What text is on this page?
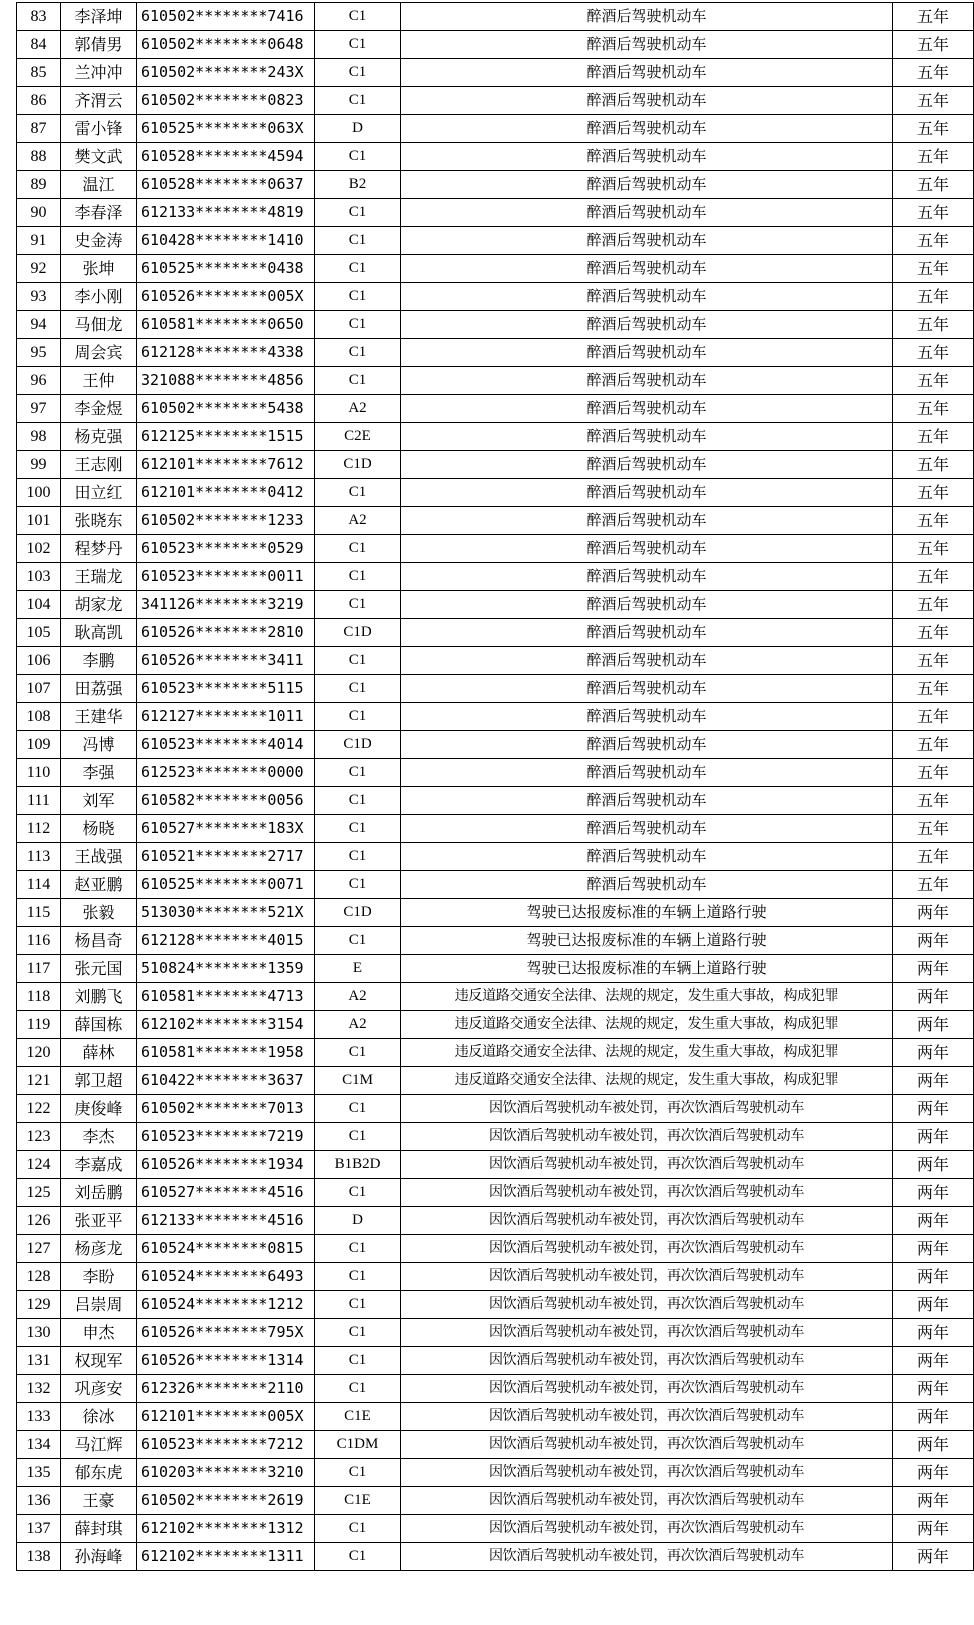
83	李泽坤	610502********7416	C1	醉酒后驾驶机动车	五年
84	郭倩男	610502********0648	C1	醉酒后驾驶机动车	五年
85	兰冲冲	610502********243X	C1	醉酒后驾驶机动车	五年
86	齐渭云	610502********0823	C1	醉酒后驾驶机动车	五年
87	雷小锋	610525********063X	D	醉酒后驾驶机动车	五年
88	樊文武	610528********4594	C1	醉酒后驾驶机动车	五年
89	温江	610528********0637	B2	醉酒后驾驶机动车	五年
90	李春泽	612133********4819	C1	醉酒后驾驶机动车	五年
91	史金涛	610428********1410	C1	醉酒后驾驶机动车	五年
92	张坤	610525********0438	C1	醉酒后驾驶机动车	五年
93	李小刚	610526********005X	C1	醉酒后驾驶机动车	五年
94	马佃龙	610581********0650	C1	醉酒后驾驶机动车	五年
95	周会宾	612128********4338	C1	醉酒后驾驶机动车	五年
96	王仲	321088********4856	C1	醉酒后驾驶机动车	五年
97	李金煜	610502********5438	A2	醉酒后驾驶机动车	五年
98	杨克强	612125********1515	C2E	醉酒后驾驶机动车	五年
99	王志刚	612101********7612	C1D	醉酒后驾驶机动车	五年
100	田立红	612101********0412	C1	醉酒后驾驶机动车	五年
101	张晓东	610502********1233	A2	醉酒后驾驶机动车	五年
102	程梦丹	610523********0529	C1	醉酒后驾驶机动车	五年
103	王瑞龙	610523********0011	C1	醉酒后驾驶机动车	五年
104	胡家龙	341126********3219	C1	醉酒后驾驶机动车	五年
105	耿高凯	610526********2810	C1D	醉酒后驾驶机动车	五年
106	李鹏	610526********3411	C1	醉酒后驾驶机动车	五年
107	田荔强	610523********5115	C1	醉酒后驾驶机动车	五年
108	王建华	612127********1011	C1	醉酒后驾驶机动车	五年
109	冯博	610523********4014	C1D	醉酒后驾驶机动车	五年
110	李强	612523********0000	C1	醉酒后驾驶机动车	五年
111	刘军	610582********0056	C1	醉酒后驾驶机动车	五年
112	杨晓	610527********183X	C1	醉酒后驾驶机动车	五年
113	王战强	610521********2717	C1	醉酒后驾驶机动车	五年
114	赵亚鹏	610525********0071	C1	醉酒后驾驶机动车	五年
115	张毅	513030********521X	C1D	驾驶已达报废标准的车辆上道路行驶	两年
116	杨昌奇	612128********4015	C1	驾驶已达报废标准的车辆上道路行驶	两年
117	张元国	510824********1359	E	驾驶已达报废标准的车辆上道路行驶	两年
118	刘鹏飞	610581********4713	A2	违反道路交通安全法律、法规的规定，发生重大事故，构成犯罪	两年
119	薛国栋	612102********3154	A2	违反道路交通安全法律、法规的规定，发生重大事故，构成犯罪	两年
120	薛林	610581********1958	C1	违反道路交通安全法律、法规的规定，发生重大事故，构成犯罪	两年
121	郭卫超	610422********3637	C1M	违反道路交通安全法律、法规的规定，发生重大事故，构成犯罪	两年
122	庚俊峰	610502********7013	C1	因饮酒后驾驶机动车被处罚，再次饮酒后驾驶机动车	两年
123	李杰	610523********7219	C1	因饮酒后驾驶机动车被处罚，再次饮酒后驾驶机动车	两年
124	李嘉成	610526********1934	B1B2D	因饮酒后驾驶机动车被处罚，再次饮酒后驾驶机动车	两年
125	刘岳鹏	610527********4516	C1	因饮酒后驾驶机动车被处罚，再次饮酒后驾驶机动车	两年
126	张亚平	612133********4516	D	因饮酒后驾驶机动车被处罚，再次饮酒后驾驶机动车	两年
127	杨彦龙	610524********0815	C1	因饮酒后驾驶机动车被处罚，再次饮酒后驾驶机动车	两年
128	李盼	610524********6493	C1	因饮酒后驾驶机动车被处罚，再次饮酒后驾驶机动车	两年
129	吕崇周	610524********1212	C1	因饮酒后驾驶机动车被处罚，再次饮酒后驾驶机动车	两年
130	申杰	610526********795X	C1	因饮酒后驾驶机动车被处罚，再次饮酒后驾驶机动车	两年
131	权现军	610526********1314	C1	因饮酒后驾驶机动车被处罚，再次饮酒后驾驶机动车	两年
132	巩彦安	612326********2110	C1	因饮酒后驾驶机动车被处罚，再次饮酒后驾驶机动车	两年
133	徐冰	612101********005X	C1E	因饮酒后驾驶机动车被处罚，再次饮酒后驾驶机动车	两年
134	马江辉	610523********7212	C1DM	因饮酒后驾驶机动车被处罚，再次饮酒后驾驶机动车	两年
135	郁东虎	610203********3210	C1	因饮酒后驾驶机动车被处罚，再次饮酒后驾驶机动车	两年
136	王豪	610502********2619	C1E	因饮酒后驾驶机动车被处罚，再次饮酒后驾驶机动车	两年
137	薛封琪	612102********1312	C1	因饮酒后驾驶机动车被处罚，再次饮酒后驾驶机动车	两年
138	孙海峰	612102********1311	C1	因饮酒后驾驶机动车被处罚，再次饮酒后驾驶机动车	两年
